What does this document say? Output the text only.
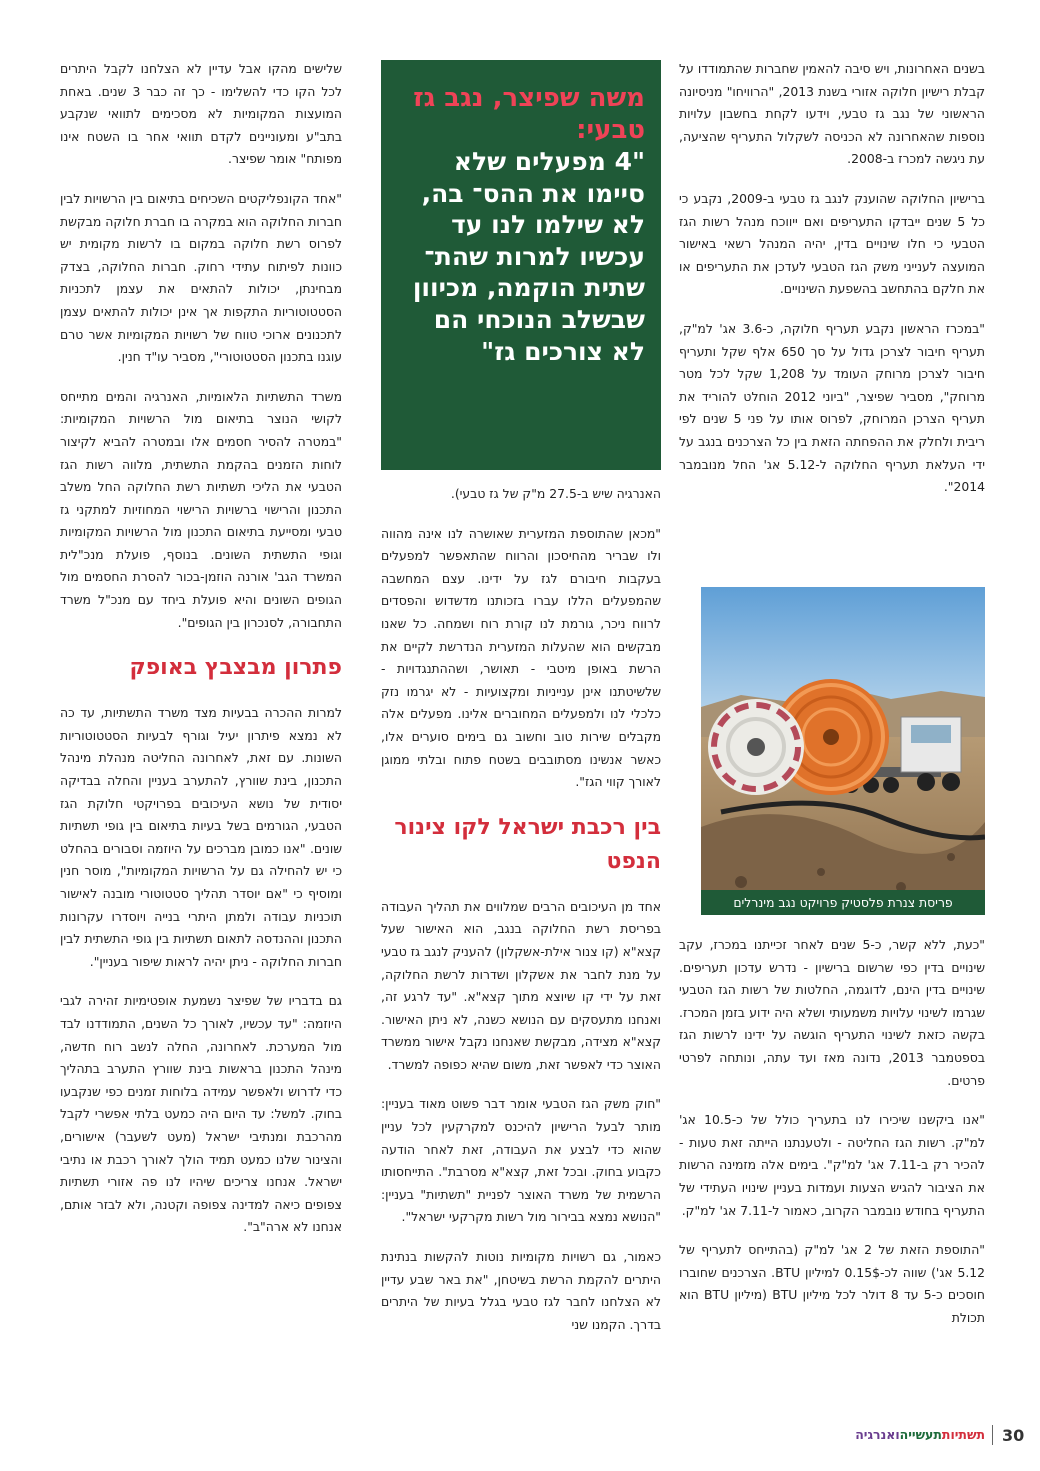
בשנים האחרונות, ויש סיבה להאמין שחברות שהתמודדו על קבלת רישיון חלוקה אזורי בשנת 2013, "הרוויחו" מניסיונה הראשוני של נגב גז טבעי, וידעו לקחת בחשבון עלויות נוספות שהאחרונה לא הכניסה לשקלול התעריף שהציעה, עת ניגשה למכרז ב-2008.

ברישיון החלוקה שהוענק לנגב גז טבעי ב-2009, נקבע כי כל 5 שנים ייבדקו התעריפים ואם ייווכח מנהל רשות הגז הטבעי כי חלו שינויים בדין, יהיה המנהל רשאי באישור המועצה לענייני משק הגז הטבעי לעדכן את התעריפים או את חלקם בהתחשב בהשפעת השינויים.

"במכרז הראשון נקבע תעריף חלוקה, כ-3.6 אג' למ"ק, תעריף חיבור לצרכן גדול על סך 650 אלף שקל ותעריף חיבור לצרכן מרוחק העומד על 1,208 שקל לכל מטר מרוחק", מסביר שפיצר, "ביוני 2012 הוחלט להוריד את תעריף הצרכן המרוחק, לפרוס אותו על פני 5 שנים לפי ריבית ולחלק את ההפחתה הזאת בין כל הצרכנים בנגב על ידי העלאת תעריף החלוקה ל-5.12 אג' החל מנובמבר 2014".

פריסת צנרת פלסטיק פרויקט נגב מינרלים

"כעת, ללא קשר, כ-5 שנים לאחר זכייתנו במכרז, עקב שינויים בדין כפי שרשום ברישיון - נדרש עדכון תעריפים. שינויים בדין הינם, לדוגמה, החלטות של רשות הגז הטבעי שגרמו לשינוי עלויות משמעותי ושלא היה ידוע בזמן המכרז. בקשה כזאת לשינוי התעריף הוגשה על ידינו לרשות הגז בספטמבר 2013, נדונה מאז ועד עתה, ונותחה לפרטי פרטים.

"אנו ביקשנו שיכירו לנו בתעריך כולל של כ-10.5 אג' למ"ק. רשות הגז החליטה - ולטענתנו הייתה זאת טעות - להכיר רק ב-7.11 אג' למ"ק". בימים אלה מזמינה הרשות את הציבור להגיש הצעות ועמדות בעניין שינויו העתידי של התעריף בחודש נובמבר הקרוב, כאמור ל-7.11 אג' למ"ק.

"התוספת הזאת של 2 אג' למ"ק (בהתייחס לתעריף של 5.12 אג') שווה לכ-0.15$ למיליון BTU. הצרכנים שחוברו חוסכים כ-5 עד 8 דולר לכל מיליון BTU (מיליון BTU הוא תכולת

משה שפיצר, נגב גז טבעי:
"4 מפעלים שלא סיימו את ההס־ בה, לא שילמו לנו עד עכשיו למרות שהת־ שתית הוקמה, מכיוון שבשלב הנוכחי הם לא צורכים גז"

האנרגיה שיש ב-27.5 מ"ק של גז טבעי).

"מכאן שהתוספת המזערית שאושרה לנו אינה מהווה ולו שבריר מהחיסכון והרווח שהתאפשר למפעלים בעקבות חיבורם לגז על ידינו. עצם המחשבה שהמפעלים הללו עברו בזכותנו מדשדוש והפסדים לרווח ניכר, גורמת לנו קורת רוח ושמחה. כל שאנו מבקשים הוא שהעלות המזערית הנדרשת לקיים את הרשת באופן מיטבי - תאושר, ושההתנגדויות - שלשיטתנו אינן ענייניות ומקצועיות - לא יגרמו נזק כלכלי לנו ולמפעלים המחוברים אלינו. מפעלים אלה מקבלים שירות טוב וחשוב גם בימים סוערים אלו, כאשר אנשינו מסתובבים בשטח פתוח ובלתי ממוגן לאורך קווי הגז".

בין רכבת ישראל לקו צינור הנפט

אחד מן העיכובים הרבים שמלווים את תהליך העבודה בפריסת רשת החלוקה בנגב, הוא האישור שעל קצא"א (קו צנור אילת-אשקלון) להעניק לנגב גז טבעי על מנת לחבר את אשקלון ושדרות לרשת החלוקה, זאת על ידי קו שיוצא מתוך קצא"א. "עד לרגע זה, ואנחנו מתעסקים עם הנושא כשנה, לא ניתן האישור. קצא"א מצידה, מבקשת שאנחנו נקבל אישור ממשרד האוצר כדי לאפשר זאת, משום שהיא כפופה למשרד.

"חוק משק הגז הטבעי אומר דבר פשוט מאוד בעניין: מותר לבעל הרישיון להיכנס למקרקעין לכל עניין שהוא כדי לבצע את העבודה, זאת לאחר הודעה כקבוע בחוק. ובכל זאת, קצא"א מסרבת". התייחסותו הרשמית של משרד האוצר לפניית "תשתיות" בעניין: "הנושא נמצא בבירור מול רשות מקרקעי ישראל".

כאמור, גם רשויות מקומיות נוטות להקשות בנתינת היתרים להקמת הרשת בשיטחן, "את באר שבע עדיין לא הצלחנו לחבר לגז טבעי בגלל בעיות של היתרים בדרך. הקמנו שני

שלישים מהקו אבל עדיין לא הצלחנו לקבל היתרים לכל הקו כדי להשלימו - כך זה כבר 3 שנים. באחת המועצות המקומיות לא מסכימים לתוואי שנקבע בתב"ע ומעוניינים לקדם תוואי אחר בו השטח אינו מפותח" אומר שפיצר.

"אחד הקונפליקטים השכיחים בתיאום בין הרשויות לבין חברות החלוקה הוא במקרה בו חברת חלוקה מבקשת לפרוס רשת חלוקה במקום בו לרשות מקומית יש כוונות לפיתוח עתידי רחוק. חברות החלוקה, בצדק מבחינתן, יכולות להתאים את עצמן לתכניות הסטטוטוריות התקפות אך אינן יכולות להתאים עצמן לתכנונים ארוכי טווח של רשויות המקומיות אשר טרם עוגנו בתכנון הסטטוטורי", מסביר עו"ד חנין.

משרד התשתיות הלאומיות, האנרגיה והמים מתייחס לקושי הנוצר בתיאום מול הרשויות המקומיות: "במטרה להסיר חסמים אלו ובמטרה להביא לקיצור לוחות הזמנים בהקמת התשתית, מלווה רשות הגז הטבעי את הליכי תשתיות רשת החלוקה החל משלב התכנון והרישוי ברשויות הרישוי המחוזיות למתקני גז טבעי ומסייעת בתיאום התכנון מול הרשויות המקומיות וגופי התשתית השונים. בנוסף, פועלת מנכ"לית המשרד הגב' אורנה הוזמן-בכור להסרת החסמים מול הגופים השונים והיא פועלת ביחד עם מנכ"ל משרד התחבורה, לסנכרון בין הגופים".

פתרון מבצבץ באופק

למרות ההכרה בבעיות מצד משרד התשתיות, עד כה לא נמצא פיתרון יעיל וגורף לבעיות הסטטוטוריות השונות. עם זאת, לאחרונה החליטה מנהלת מינהל התכנון, בינת שוורץ, להתערב בעניין והחלה בבדיקה יסודית של נושא העיכובים בפרויקטי חלוקת הגז הטבעי, הגורמים בשל בעיות בתיאום בין גופי תשתיות שונים. "אנו כמובן מברכים על היוזמה וסבורים בהחלט כי יש להחילה גם על הרשויות המקומיות", מוסר חנין ומוסיף כי "אם יוסדר תהליך סטטוטורי מובנה לאישור תוכניות עבודה ולמתן היתרי בנייה ויוסדרו עקרונות התכנון וההנדסה לתאום תשתיות בין גופי התשתית לבין חברות החלוקה - ניתן יהיה לראות שיפור בעניין".

גם בדבריו של שפיצר נשמעת אופטימיות זהירה לגבי היוזמה: "עד עכשיו, לאורך כל השנים, התמודדנו לבד מול המערכת. לאחרונה, החלה לנשב רוח חדשה, מינהל התכנון בראשות בינת שוורץ התערב בתהליך כדי לדרוש ולאפשר עמידה בלוחות זמנים כפי שנקבעו בחוק. למשל: עד היום היה כמעט בלתי אפשרי לקבל מהרכבת ומנתיבי ישראל (מעט לשעבר) אישורים, והצינור שלנו כמעט תמיד הולך לאורך רכבת או נתיבי ישראל. אנחנו צריכים שיהיו לנו פה אזורי תשתיות צפופים כיאה למדינה צפופה וקטנה, ולא לבזר אותם, אנחנו לא ארה"ב".

תשתיותתעשייהואנרגיה	30
